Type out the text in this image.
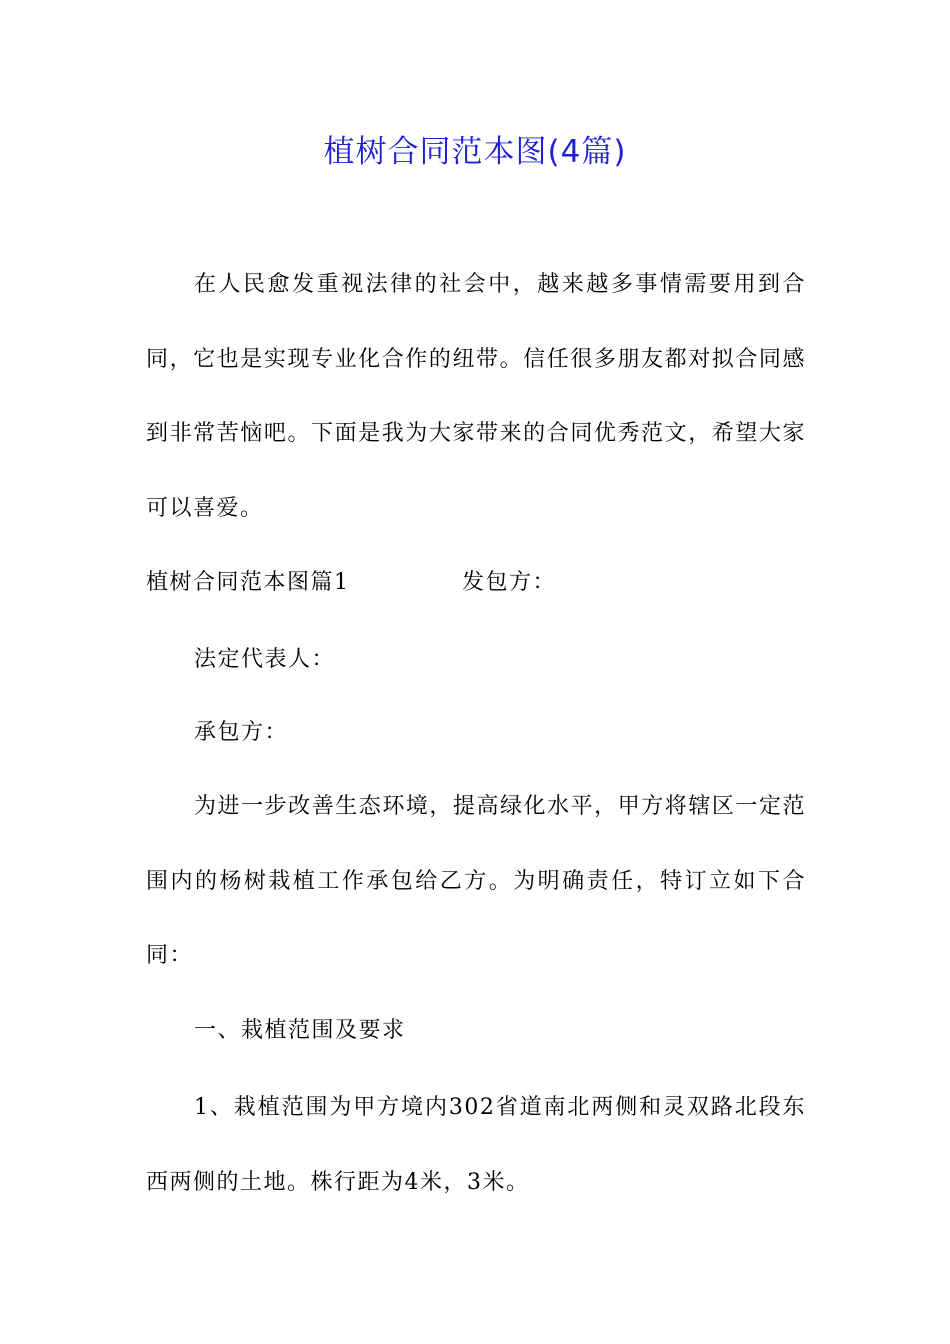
植树合同范本图(4篇)

在人民愈发重视法律的社会中，越来越多事情需要用到合同，它也是实现专业化合作的纽带。信任很多朋友都对拟合同感到非常苦恼吧。下面是我为大家带来的合同优秀范文，希望大家可以喜爱。

植树合同范本图篇1	发包方：
法定代表人：
承包方：

为进一步改善生态环境，提高绿化水平，甲方将辖区一定范围内的杨树栽植工作承包给乙方。为明确责任，特订立如下合同：

一、栽植范围及要求

1、栽植范围为甲方境内302省道南北两侧和灵双路北段东西两侧的土地。株行距为4米，3米。
